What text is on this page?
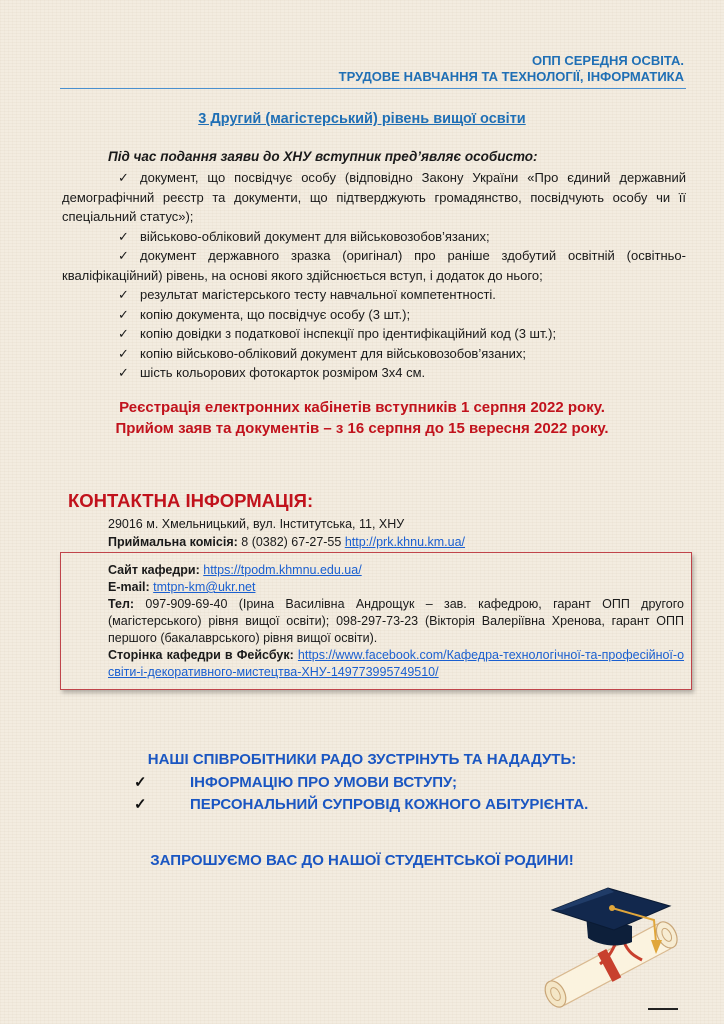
ОПП СЕРЕДНЯ ОСВІТА.
ТРУДОВЕ НАВЧАННЯ ТА ТЕХНОЛОГІЇ, ІНФОРМАТИКА
3 Другий (магістерський) рівень вищої освіти
Під час подання заяви до ХНУ вступник пред’являє особисто:
✓ документ, що посвідчує особу (відповідно Закону України «Про єдиний державний демографічний реєстр та документи, що підтверджують громадянство, посвідчують особу чи її спеціальний статус»);
✓ військово-обліковий документ для військовозобов’язаних;
✓ документ державного зразка (оригінал) про раніше здобутий освітній (освітньо-кваліфікаційний) рівень, на основі якого здійснюється вступ, і додаток до нього;
✓ результат магістерського тесту навчальної компетентності.
✓ копію документа, що посвідчує особу (3 шт.);
✓ копію довідки з податкової інспекції про ідентифікаційний код (3 шт.);
✓ копію військово-обліковий документ для військовозобов’язаних;
✓ шість кольорових фотокарток розміром 3х4 см.
Реєстрація електронних кабінетів вступників 1 серпня 2022 року.
Прийом заяв та документів – з 16 серпня до 15 вересня 2022 року.
КОНТАКТНА ІНФОРМАЦІЯ:
29016 м. Хмельницький, вул. Інститутська, 11, ХНУ
Приймальна комісія: 8 (0382) 67-27-55 http://prk.khnu.km.ua/
Сайт кафедри: https://tpodm.khmnu.edu.ua/
E-mail: tmtpn-km@ukr.net
Тел: 097-909-69-40 (Ірина Василівна Андрощук – зав. кафедрою, гарант ОПП другого (магістерського) рівня вищої освіти); 098-297-73-23 (Вікторія Валеріївна Хренова, гарант ОПП першого (бакалаврського) рівня вищої освіти).
Сторінка кафедри в Фейсбук: https://www.facebook.com/Кафедра-технологічної-та-професійної-освіти-і-декоративного-мистецтва-ХНУ-149773995749510/
НАШІ СПІВРОБІТНИКИ РАДО ЗУСТРІНУТЬ ТА НАДАДУТЬ:
✓	ІНФОРМАЦІЮ ПРО УМОВИ ВСТУПУ;
✓	ПЕРСОНАЛЬНИЙ СУПРОВІД КОЖНОГО АБІТУРІЄНТА.
ЗАПРОШУЄМО ВАС ДО НАШОЇ СТУДЕНТСЬКОЇ РОДИНИ!
